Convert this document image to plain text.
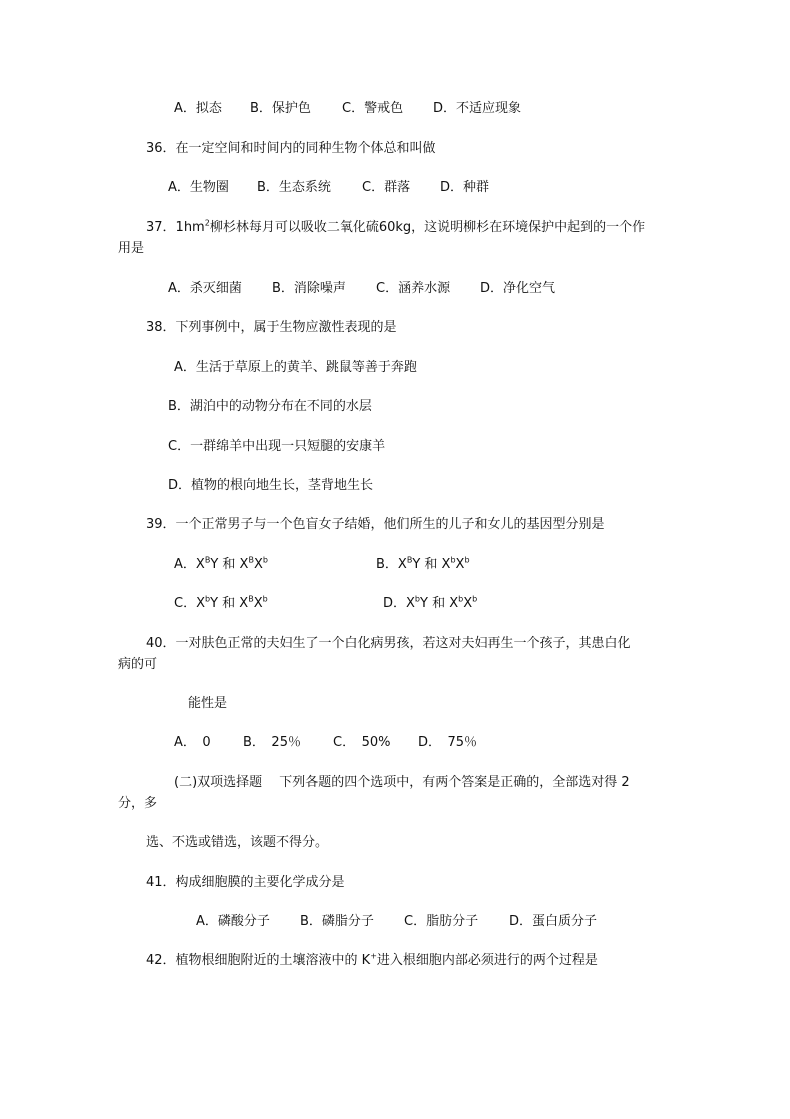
A．拟态 B．保护色 C．警戒色 D．不适应现象
36．在一定空间和时间内的同种生物个体总和叫做
A．生物圈 B．生态系统 C．群落 D．种群
37．$1hm^2$柳杉林每月可以吸收二氧化硫60kg，这说明柳杉在环境保护中起到的一个作
用是
A．杀灭细菌 B．消除噪声 C．涵养水源 D．净化空气
38．下列事例中，属于生物应激性表现的是
A．生活于草原上的黄羊、跳鼠等善于奔跑
B．湖泊中的动物分布在不同的水层
C．一群绵羊中出现一只短腿的安康羊
D．植物的根向地生长，茎背地生长
39．一个正常男子与一个色盲女子结婚，他们所生的儿子和女儿的基因型分别是
A．$X^BY$ 和 $X^BX^b$	B．$X^BY$ 和 $X^bX^b$
C．$X^bY$ 和 $X^BX^b$	D．$X^bY$ 和 $X^bX^b$
40．一对肤色正常的夫妇生了一个白化病男孩，若这对夫妇再生一个孩子，其患白化
病的可
能性是
A．　0 B．　25％ C．　50% D．　75％
(二)双项选择题　 下列各题的四个选项中，有两个答案是正确的，全部选对得 2
分，多
选、不选或错选，该题不得分。
41．构成细胞膜的主要化学成分是
A．磷酸分子 B．磷脂分子 C．脂肪分子 D．蛋白质分子
42．植物根细胞附近的土壤溶液中的 K+进入根细胞内部必须进行的两个过程是
